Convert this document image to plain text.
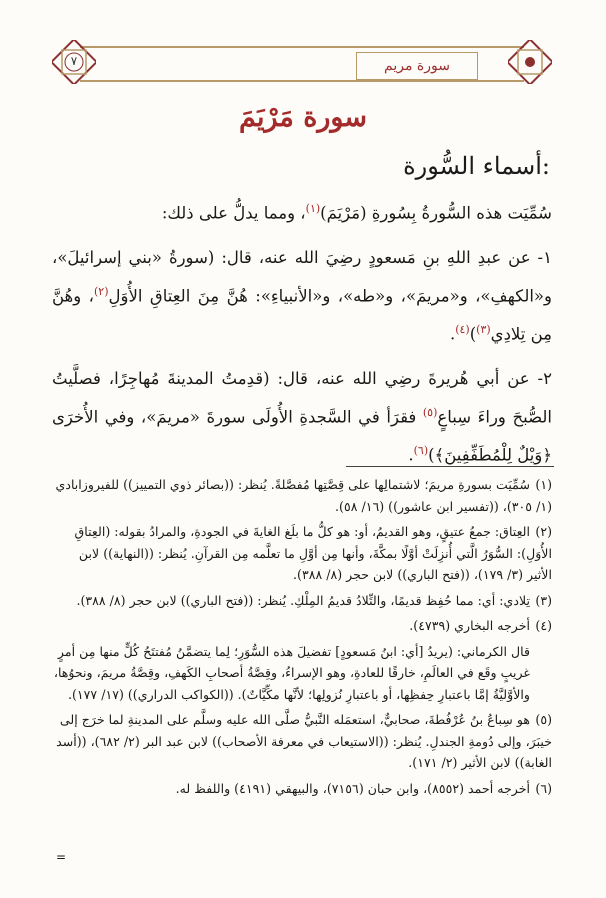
٧	سورة مريم
سورة مَرْيَمَ
أسماء السُّورة:

سُمِّيَت هذه السُّورةُ بِسُورةِ (مَرْيَمَ)$^{(١)}$، ومما يدلُّ على ذلك:

١- عن عبدِ اللهِ بنِ مَسعودٍ رضِيَ الله عنه، قال: (سورةُ «بني إسرائيلَ»، و«الكهفِ»، و«مريمَ»، و«طه»، و«الأنبياءِ»: هُنَّ مِنَ العِتاقِ الأُوَلِ$^{(٢)}$، وهُنَّ مِن تِلادِي$^{(٣)}$)$^{(٤)}$.

٢- عن أبي هُريرةَ رضِي الله عنه، قال: (قدِمتُ المدينةَ مُهاجِرًا، فصلَّيتُ الصُّبحَ وراءَ سِباعٍ$^{(٥)}$ فقرَأ في السَّجدةِ الأُولَى سورةَ «مريمَ»، وفي الأُخرَى ﴿وَيْلٌ لِلْمُطَفِّفِينَ﴾)$^{(٦)}$.

(١)سُمِّيَت بسورةِ مريمَ؛ لاشتمالِها على قِصَّتِها مُفصَّلةً. يُنظر: ((بصائر ذوي التمييز)) للفيروزابادي (١/ ٣٠٥)، ((تفسير ابن عاشور)) (١٦/ ٥٨).
(٢)العِتاق: جمعُ عتيقٍ، وهو القديمُ، أو: هو كلُّ ما بلَغ الغايةَ في الجودةِ، والمرادُ بقوله: (العِتاقِ الأُوَلِ): السُّوَرُ الَّتي أُنزِلَتْ أوَّلًا بمكَّةَ، وأنها مِن أوَّلِ ما تعلَّمه مِن القرآنِ. يُنظر: ((النهاية)) لابن الأثير (٣/ ١٧٩)، ((فتح الباري)) لابن حجر (٨/ ٣٨٨).
(٣)تِلادي: أي: مما حُفِظ قديمًا، والتِّلادُ قديمُ المِلْكِ. يُنظر: ((فتح الباري)) لابن حجر (٨/ ٣٨٨).
(٤)أخرجه البخاري (٤٧٣٩).
قال الكرماني: (يريدُ [أي: ابنُ مَسعودٍ] تفضيلَ هذه السُّوَرِ؛ لِما يتضمَّنُ مُفتتَحُ كُلٍّ منها مِن أمرٍ غريبٍ وقَع في العالَمِ، خارقًا للعادةِ، وهو الإسراءُ، وقِصَّةُ أصحابِ الكَهفِ، وقِصَّةُ مريمَ، ونحوُها، والأوَّليَّةُ إمَّا باعتبارِ حِفظِها، أو باعتبارِ نُزولِها؛ لأنَّها مكِّيَّاتٌ). ((الكواكب الدراري)) (١٧/ ١٧٧).
(٥)هو سِباعُ بنُ عُرْفُطةَ، صحابيٌّ، استعمَله النَّبيُّ صلَّى الله عليه وسلَّم على المدينةِ لما خرَج إلى خيبَرَ، وإلى دُومةِ الجندلِ. يُنظر: ((الاستيعاب في معرفة الأصحاب)) لابن عبد البر (٢/ ٦٨٢)، ((أسد الغابة)) لابن الأثير (٢/ ١٧١).
(٦)أخرجه أحمد (٨٥٥٢)، وابن حبان (٧١٥٦)، والبيهقي (٤١٩١) واللفظ له.
=
